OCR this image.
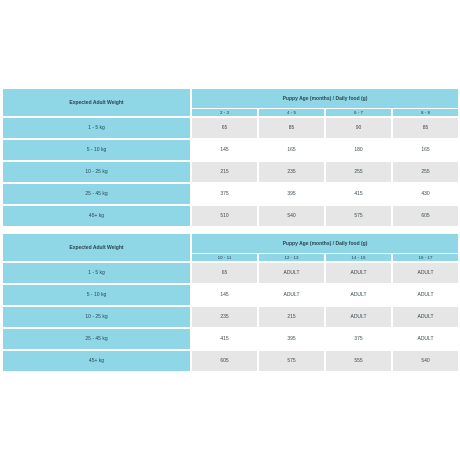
Expected Adult Weight
Puppy Age (months) / Daily food (g)
2 - 3	4 - 5	6 - 7	8 - 9
1 - 5 kg	65	85	90	85
5 - 10 kg	145	165	180	165
10 - 25 kg	215	235	255	255
25 - 45 kg	375	395	415	430
45+ kg	510	540	575	605
Expected Adult Weight
Puppy Age (months) / Daily food (g)
10 - 11	12 - 13	14 - 15	16 - 17
1 - 5 kg	65	ADULT	ADULT	ADULT
5 - 10 kg	145	ADULT	ADULT	ADULT
10 - 25 kg	235	215	ADULT	ADULT
25 - 45 kg	415	395	375	ADULT
45+ kg	605	575	555	540
